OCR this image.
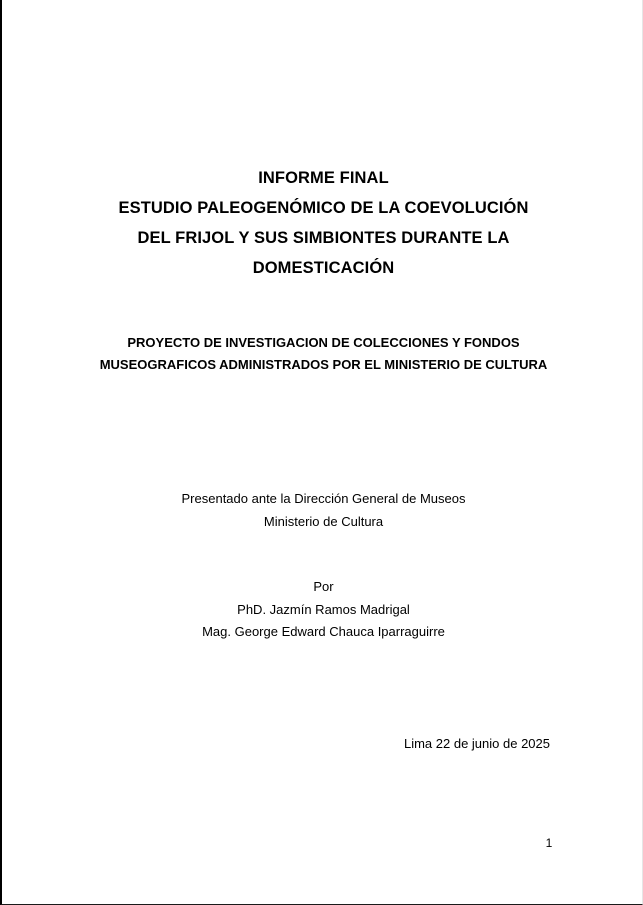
INFORME FINAL
ESTUDIO PALEOGENÓMICO DE LA COEVOLUCIÓN
DEL FRIJOL Y SUS SIMBIONTES DURANTE LA
DOMESTICACIÓN
PROYECTO DE INVESTIGACION DE COLECCIONES Y FONDOS
MUSEOGRAFICOS ADMINISTRADOS POR EL MINISTERIO DE CULTURA
Presentado ante la Dirección General de Museos
Ministerio de Cultura
Por
PhD. Jazmín Ramos Madrigal
Mag. George Edward Chauca Iparraguirre
Lima 22 de junio de 2025
1
